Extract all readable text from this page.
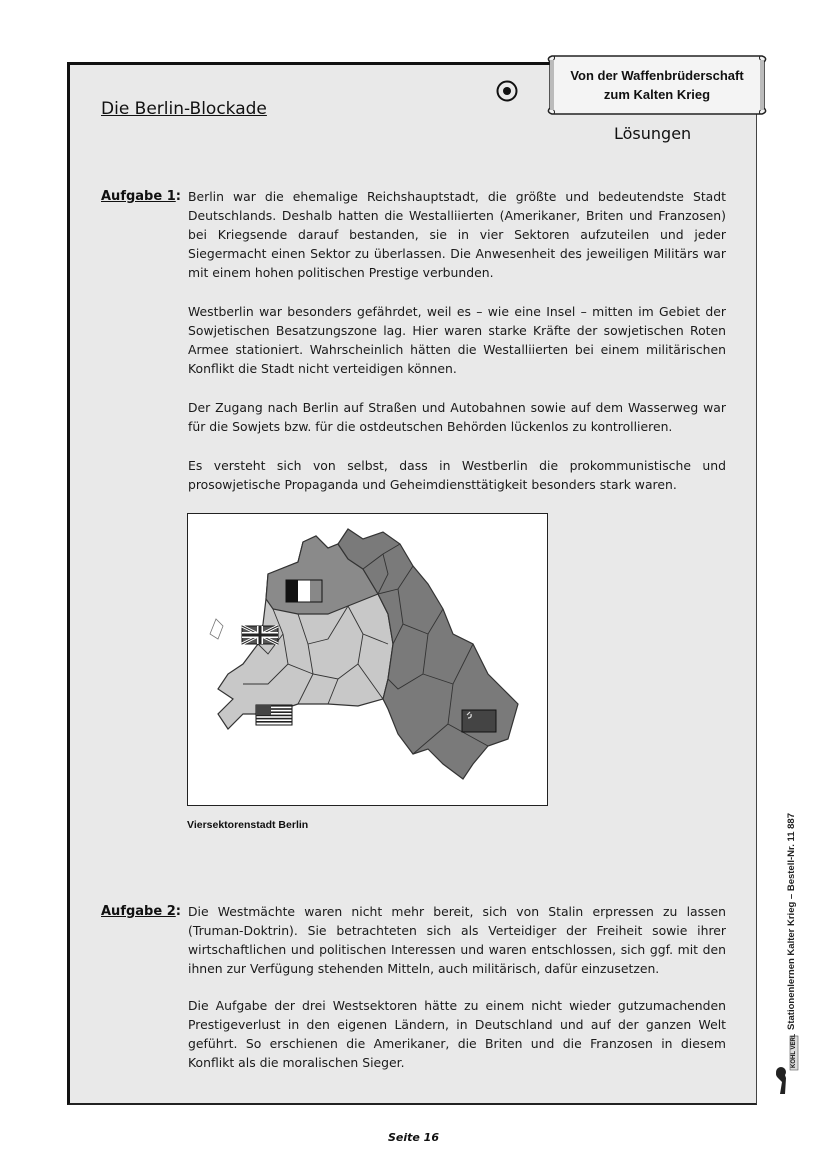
Von der Waffenbrüderschaft
zum Kalten Krieg
Lösungen
Die Berlin-Blockade
Aufgabe 1: Berlin war die ehemalige Reichshauptstadt, die größte und bedeutendste Stadt Deutschlands. Deshalb hatten die Westalliierten (Amerikaner, Briten und Franzosen) bei Kriegsende darauf bestanden, sie in vier Sektoren aufzuteilen und jeder Siegermacht einen Sektor zu überlassen. Die Anwesenheit des jeweiligen Militärs war mit einem hohen politischen Prestige verbunden.

Westberlin war besonders gefährdet, weil es – wie eine Insel – mitten im Gebiet der Sowjetischen Besatzungszone lag. Hier waren starke Kräfte der sowjetischen Roten Armee stationiert. Wahrscheinlich hätten die Westalliierten bei einem militärischen Konflikt die Stadt nicht verteidigen können.

Der Zugang nach Berlin auf Straßen und Autobahnen sowie auf dem Wasserweg war für die Sowjets bzw. für die ostdeutschen Behörden lückenlos zu kontrollieren.

Es versteht sich von selbst, dass in Westberlin die prokommunistische und prosowjetische Propaganda und Geheimdiensttätigkeit besonders stark waren.

Viersektorenstadt Berlin
Aufgabe 2: Die Westmächte waren nicht mehr bereit, sich von Stalin erpressen zu lassen (Truman-Doktrin). Sie betrachteten sich als Verteidiger der Freiheit sowie ihrer wirtschaftlichen und politischen Interessen und waren entschlossen, sich ggf. mit den ihnen zur Verfügung stehenden Mitteln, auch militärisch, dafür einzusetzen.

Die Aufgabe der drei Westsektoren hätte zu einem nicht wieder gutzumachenden Prestigeverlust in den eigenen Ländern, in Deutschland und auf der ganzen Welt geführt. So erschienen die Amerikaner, die Briten und die Franzosen in diesem Konflikt als die moralischen Sieger.

Stationenlernen Kalter Krieg – Bestell-Nr. 11 887
KOHL VERLAG
Seite 16
